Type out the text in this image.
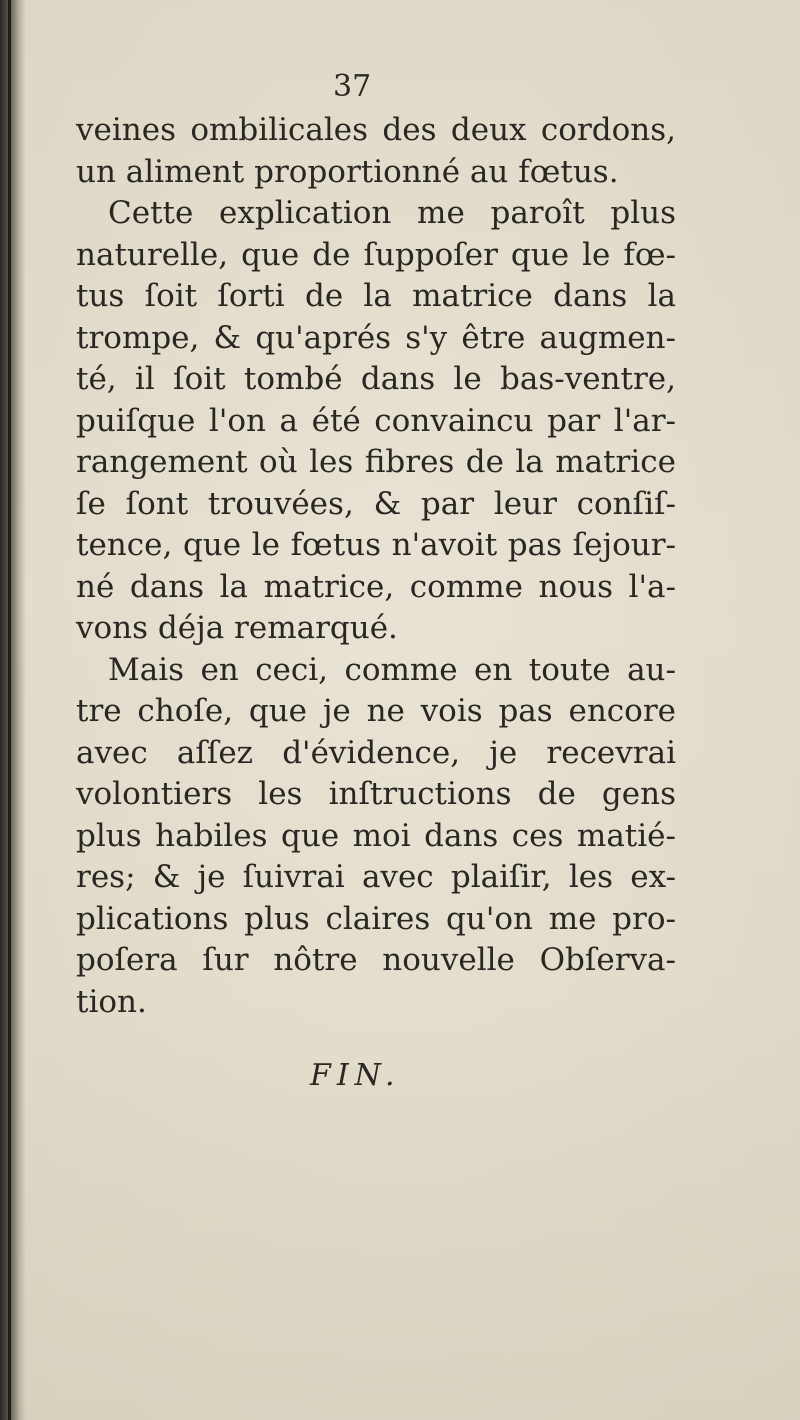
37
veines ombilicales des deux cordons,
un aliment proportionné au fœtus.
Cette explication me paroît plus
naturelle, que de ſuppoſer que le fœ-
tus ſoit ſorti de la matrice dans la
trompe, & qu'aprés s'y être augmen-
té, il ſoit tombé dans le bas-ventre,
puiſque l'on a été convaincu par l'ar-
rangement où les fibres de la matrice
ſe ſont trouvées, & par leur conſiſ-
tence, que le fœtus n'avoit pas ſejour-
né dans la matrice, comme nous l'a-
vons déja remarqué.
Mais en ceci, comme en toute au-
tre choſe, que je ne vois pas encore
avec aſſez d'évidence, je recevrai
volontiers les inſtructions de gens
plus habiles que moi dans ces matié-
res; & je ſuivrai avec plaiſir, les ex-
plications plus claires qu'on me pro-
poſera ſur nôtre nouvelle Obſerva-
tion.
FIN.
